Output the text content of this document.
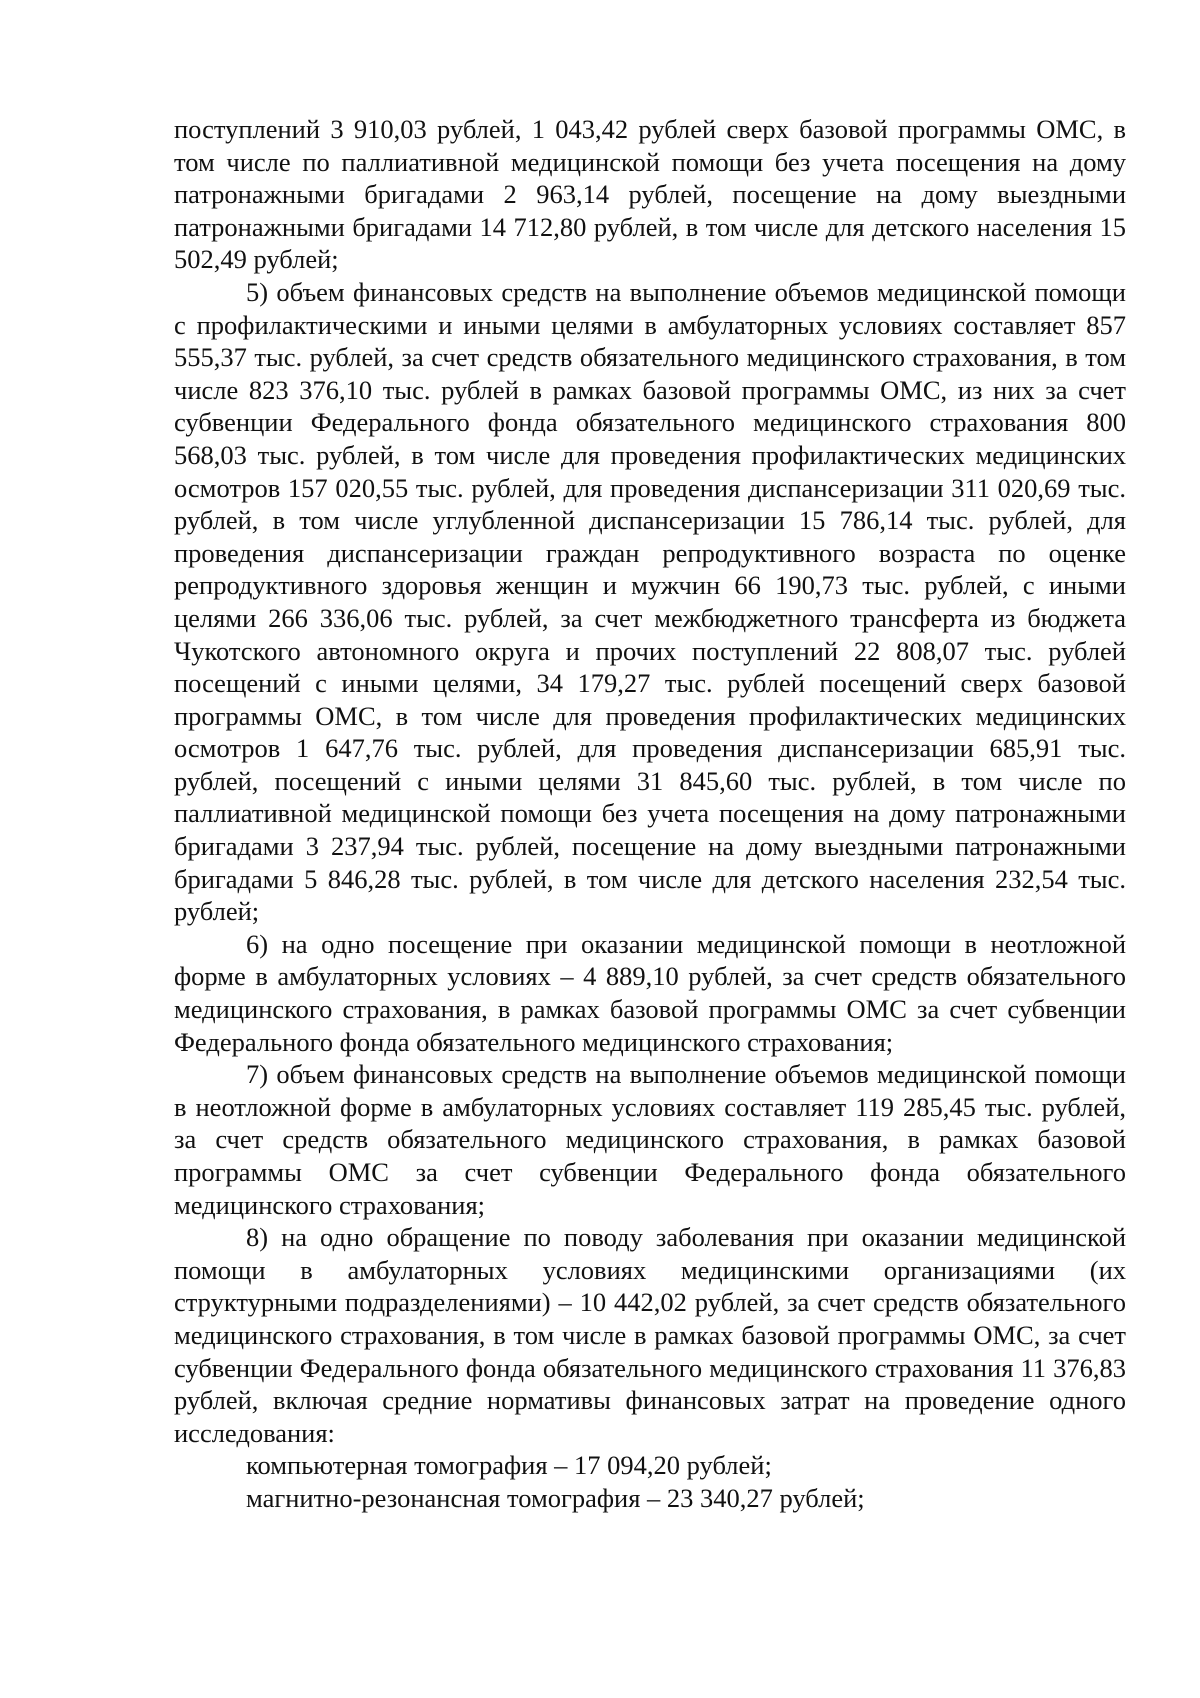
поступлений 3 910,03 рублей, 1 043,42 рублей сверх базовой программы ОМС, в том числе по паллиативной медицинской помощи без учета посещения на дому патронажными бригадами 2 963,14 рублей, посещение на дому выездными патронажными бригадами 14 712,80 рублей, в том числе для детского населения 15 502,49 рублей;

5) объем финансовых средств на выполнение объемов медицинской помощи с профилактическими и иными целями в амбулаторных условиях составляет 857 555,37 тыс. рублей, за счет средств обязательного медицинского страхования, в том числе 823 376,10 тыс. рублей в рамках базовой программы ОМС, из них за счет субвенции Федерального фонда обязательного медицинского страхования 800 568,03 тыс. рублей, в том числе для проведения профилактических медицинских осмотров 157 020,55 тыс. рублей, для проведения диспансеризации 311 020,69 тыс. рублей, в том числе углубленной диспансеризации 15 786,14 тыс. рублей, для проведения диспансеризации граждан репродуктивного возраста по оценке репродуктивного здоровья женщин и мужчин 66 190,73 тыс. рублей, с иными целями 266 336,06 тыс. рублей, за счет межбюджетного трансферта из бюджета Чукотского автономного округа и прочих поступлений 22 808,07 тыс. рублей посещений с иными целями, 34 179,27 тыс. рублей посещений сверх базовой программы ОМС, в том числе для проведения профилактических медицинских осмотров 1 647,76 тыс. рублей, для проведения диспансеризации 685,91 тыс. рублей, посещений с иными целями 31 845,60 тыс. рублей, в том числе по паллиативной медицинской помощи без учета посещения на дому патронажными бригадами 3 237,94 тыс. рублей, посещение на дому выездными патронажными бригадами 5 846,28 тыс. рублей, в том числе для детского населения 232,54 тыс. рублей;

6) на одно посещение при оказании медицинской помощи в неотложной форме в амбулаторных условиях – 4 889,10 рублей, за счет средств обязательного медицинского страхования, в рамках базовой программы ОМС за счет субвенции Федерального фонда обязательного медицинского страхования;

7) объем финансовых средств на выполнение объемов медицинской помощи в неотложной форме в амбулаторных условиях составляет 119 285,45 тыс. рублей, за счет средств обязательного медицинского страхования, в рамках базовой программы ОМС за счет субвенции Федерального фонда обязательного медицинского страхования;

8) на одно обращение по поводу заболевания при оказании медицинской помощи в амбулаторных условиях медицинскими организациями (их структурными подразделениями) – 10 442,02 рублей, за счет средств обязательного медицинского страхования, в том числе в рамках базовой программы ОМС, за счет субвенции Федерального фонда обязательного медицинского страхования 11 376,83 рублей, включая средние нормативы финансовых затрат на проведение одного исследования:

компьютерная томография – 17 094,20 рублей;

магнитно-резонансная томография – 23 340,27 рублей;
